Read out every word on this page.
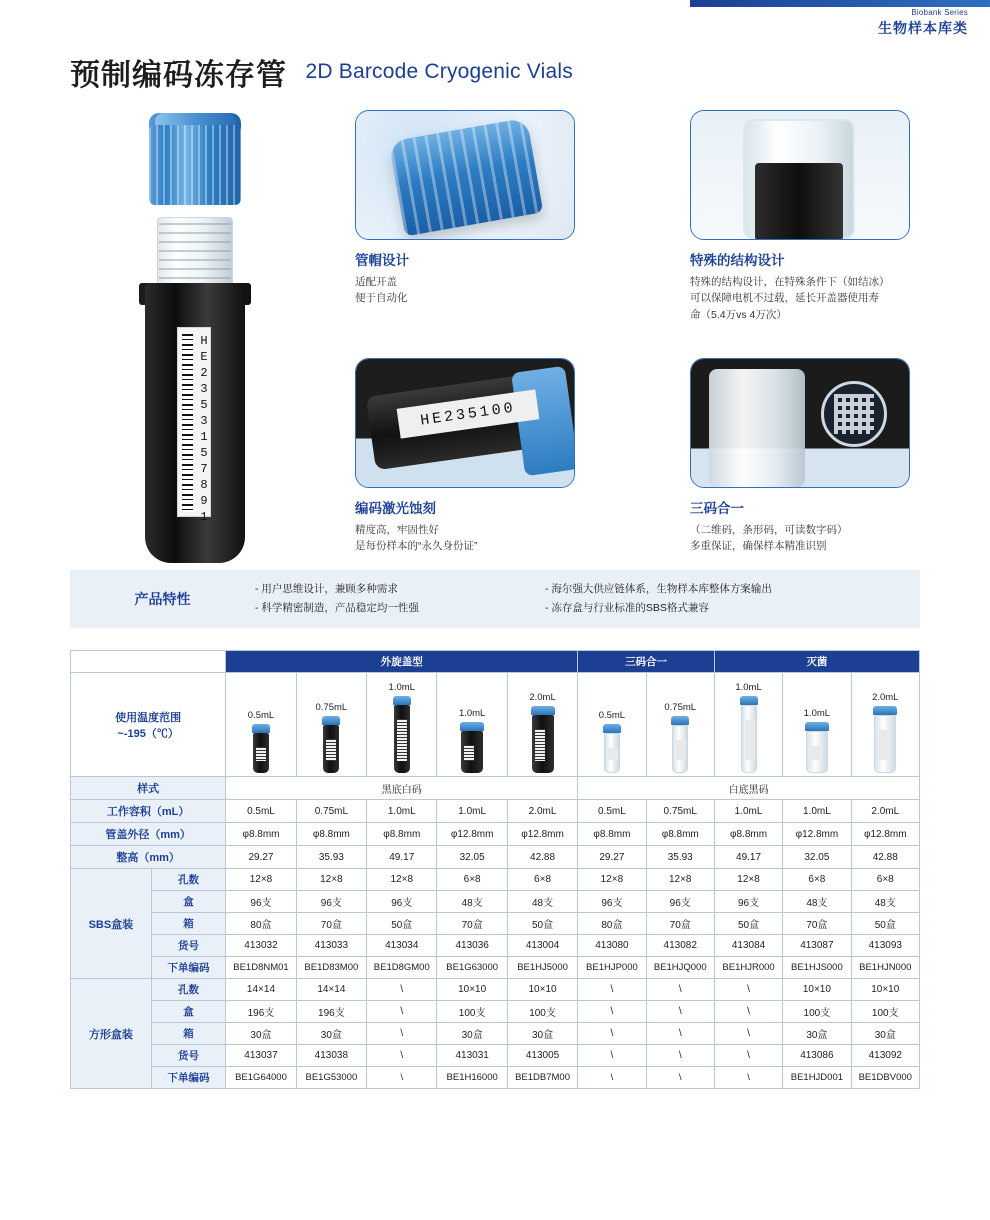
Biobank Series
生物样本库类
预制编码冻存管 2D Barcode Cryogenic Vials
HE2353157891
管帽设计
适配开盖
便于自动化
特殊的结构设计
特殊的结构设计，在特殊条件下（如结冰）
可以保障电机不过载，延长开盖器使用寿
命（5.4万vs 4万次）
HE235100
编码激光蚀刻
精度高，牢固性好
是每份样本的“永久身份证”
三码合一
（二维码，条形码，可读数字码）
多重保证，确保样本精准识别
产品特性
- 用户思维设计，兼顾多种需求
- 科学精密制造，产品稳定均一性强
- 海尔强大供应链体系，生物样本库整体方案输出
- 冻存盒与行业标准的SBS格式兼容
		外旋盖型					三码合一		灭菌		

使用温度范围
~-195（℃）		0.5mL	0.75mL	1.0mL	1.0mL	2.0mL	0.5mL	0.75mL	1.0mL	1.0mL	2.0mL

样式		黑底白码					白底黑码				
工作容积（mL）		0.5mL	0.75mL	1.0mL	1.0mL	2.0mL	0.5mL	0.75mL	1.0mL	1.0mL	2.0mL
管盖外径（mm）		φ8.8mm	φ8.8mm	φ8.8mm	φ12.8mm	φ12.8mm	φ8.8mm	φ8.8mm	φ8.8mm	φ12.8mm	φ12.8mm
整高（mm）		29.27	35.93	49.17	32.05	42.88	29.27	35.93	49.17	32.05	42.88
SBS盒装	孔数	12×8	12×8	12×8	6×8	6×8	12×8	12×8	12×8	6×8	6×8
	盒	96支	96支	96支	48支	48支	96支	96支	96支	48支	48支
	箱	80盒	70盒	50盒	70盒	50盒	80盒	70盒	50盒	70盒	50盒
	货号	413032	413033	413034	413036	413004	413080	413082	413084	413087	413093
	下单编码	BE1D8NM01	BE1D83M00	BE1D8GM00	BE1G63000	BE1HJ5000	BE1HJP000	BE1HJQ000	BE1HJR000	BE1HJS000	BE1HJN000
方形盒装	孔数	14×14	14×14	\	10×10	10×10	\	\	\	10×10	10×10
	盒	196支	196支	\	100支	100支	\	\	\	100支	100支
	箱	30盒	30盒	\	30盒	30盒	\	\	\	30盒	30盒
	货号	413037	413038	\	413031	413005	\	\	\	413086	413092
	下单编码	BE1G64000	BE1G53000	\	BE1H16000	BE1DB7M00	\	\	\	BE1HJD001	BE1DBV000
